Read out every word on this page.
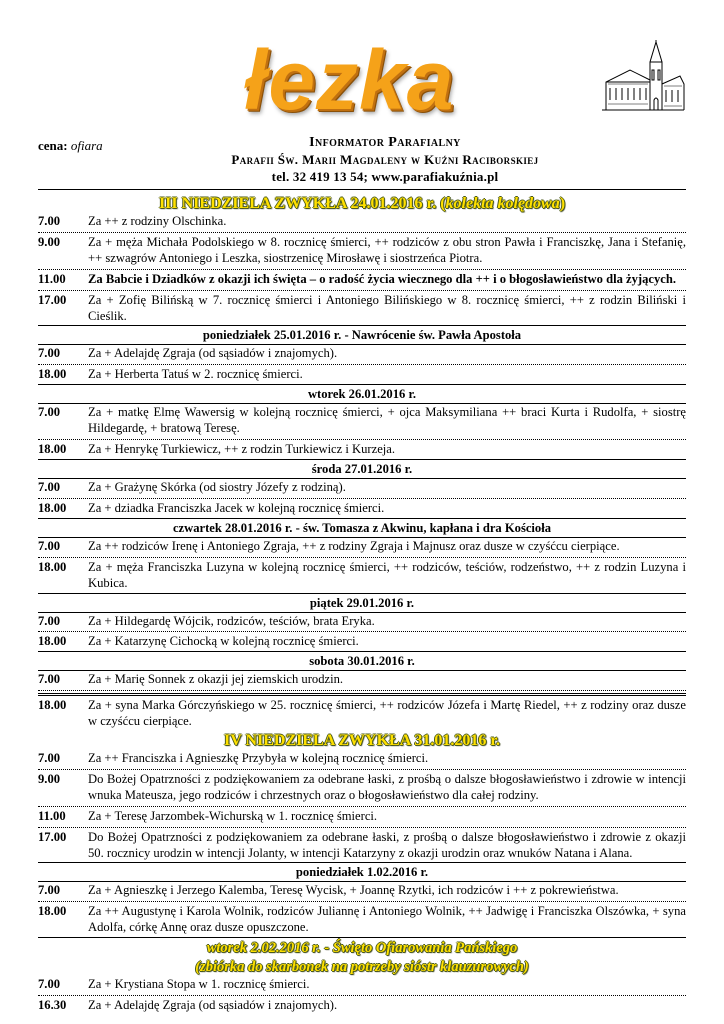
łezka
cena: ofiara	Informator Parafialny
Parafii Św. Marii Magdaleny w Kuźni Raciborskiej
tel. 32 419 13 54; www.parafiakuźnia.pl
III NIEDZIELA ZWYKŁA 24.01.2016 r. (kolekta kolędowa)
7.00	Za ++ z rodziny Olschinka.
9.00	Za + męża Michała Podolskiego w 8. rocznicę śmierci, ++ rodziców z obu stron Pawła i Franciszkę, Jana i Stefanię, ++ szwagrów Antoniego i Leszka, siostrzenicę Mirosławę i siostrzeńca Piotra.
11.00	Za Babcie i Dziadków z okazji ich święta – o radość życia wiecznego dla ++ i o błogosławieństwo dla żyjących.
17.00	Za + Zofię Bilińską w 7. rocznicę śmierci i Antoniego Bilińskiego w 8. rocznicę śmierci, ++ z rodzin Biliński i Cieślik.
poniedziałek 25.01.2016 r. - Nawrócenie św. Pawła Apostoła
7.00	Za + Adelajdę Zgraja (od sąsiadów i znajomych).
18.00	Za + Herberta Tatuś w 2. rocznicę śmierci.
wtorek 26.01.2016 r.
7.00	Za + matkę Elmę Wawersig w kolejną rocznicę śmierci, + ojca Maksymiliana ++ braci Kurta i Rudolfa, + siostrę Hildegardę, + bratową Teresę.
18.00	Za + Henrykę Turkiewicz, ++ z rodzin Turkiewicz i Kurzeja.
środa 27.01.2016 r.
7.00	Za + Grażynę Skórka (od siostry Józefy z rodziną).
18.00	Za + dziadka Franciszka Jacek w kolejną rocznicę śmierci.
czwartek 28.01.2016 r. - św. Tomasza z Akwinu, kapłana i dra Kościoła
7.00	Za ++ rodziców Irenę i Antoniego Zgraja, ++ z rodziny Zgraja i Majnusz oraz dusze w czyśćcu cierpiące.
18.00	Za + męża Franciszka Luzyna w kolejną rocznicę śmierci, ++ rodziców, teściów, rodzeństwo, ++ z rodzin Luzyna i Kubica.
piątek 29.01.2016 r.
7.00	Za + Hildegardę Wójcik, rodziców, teściów, brata Eryka.
18.00	Za + Katarzynę Cichocką w kolejną rocznicę śmierci.
sobota 30.01.2016 r.
7.00	Za + Marię Sonnek z okazji jej ziemskich urodzin.
18.00	Za + syna Marka Górczyńskiego w 25. rocznicę śmierci, ++ rodziców Józefa i Martę Riedel, ++ z rodziny oraz dusze w czyśćcu cierpiące.
IV NIEDZIELA ZWYKŁA 31.01.2016 r.
7.00	Za ++ Franciszka i Agnieszkę Przybyła w kolejną rocznicę śmierci.
9.00	Do Bożej Opatrzności z podziękowaniem za odebrane łaski, z prośbą o dalsze błogosławieństwo i zdrowie w intencji wnuka Mateusza, jego rodziców i chrzestnych oraz o błogosławieństwo dla całej rodziny.
11.00	Za + Teresę Jarzombek-Wichurską w 1. rocznicę śmierci.
17.00	Do Bożej Opatrzności z podziękowaniem za odebrane łaski, z prośbą o dalsze błogosławieństwo i zdrowie z okazji 50. rocznicy urodzin w intencji Jolanty, w intencji Katarzyny z okazji urodzin oraz wnuków Natana i Alana.
poniedziałek 1.02.2016 r.
7.00	Za + Agnieszkę i Jerzego Kalemba, Teresę Wycisk, + Joannę Rzytki, ich rodziców i ++ z pokrewieństwa.
18.00	Za ++ Augustynę i Karola Wolnik, rodziców Juliannę i Antoniego Wolnik, ++ Jadwigę i Franciszka Olszówka, + syna Adolfa, córkę Annę oraz dusze opuszczone.
wtorek 2.02.2016 r. - Święto Ofiarowania Pańskiego
(zbiórka do skarbonek na potrzeby sióstr klauzurowych)
7.00	Za + Krystiana Stopa w 1. rocznicę śmierci.
16.30	Za + Adelajdę Zgraja (od sąsiadów i znajomych).
